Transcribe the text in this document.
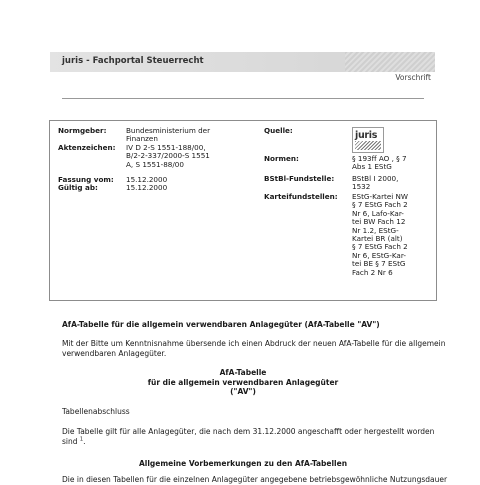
juris - Fachportal Steuerrecht
Vorschrift
Normgeber:	Bundesministerium der
Finanzen
Aktenzeichen: IV D 2-S 1551-188/00,
B/2-2-337/2000-S 1551
A, S 1551-88/00
Fassung vom: 15.12.2000
Gültig ab:	15.12.2000
Quelle:	juris
Normen:	§ 193ff AO , § 7
Abs 1 EStG
BStBl-Fundstelle: BStBl I 2000,
1532
Karteifundstellen: EStG-Kartei NW
§ 7 EStG Fach 2
Nr 6, Lafo-Kar-
tei BW Fach 12
Nr 1.2, EStG-
Kartei BR (alt)
§ 7 EStG Fach 2
Nr 6, EStG-Kar-
tei BE § 7 EStG
Fach 2 Nr 6
AfA-Tabelle für die allgemein verwendbaren Anlagegüter (AfA-Tabelle "AV")
Mit der Bitte um Kenntnisnahme übersende ich einen Abdruck der neuen AfA-Tabelle für die allgemein
verwendbaren Anlagegüter.
AfA-Tabelle
für die allgemein verwendbaren Anlagegüter
("AV")
Tabellenabschluss
Die Tabelle gilt für alle Anlagegüter, die nach dem 31.12.2000 angeschafft oder hergestellt worden
sind $^1$.
Allgemeine Vorbemerkungen zu den AfA-Tabellen
Die in diesen Tabellen für die einzelnen Anlagegüter angegebene betriebsgewöhnliche Nutzungsdauer
